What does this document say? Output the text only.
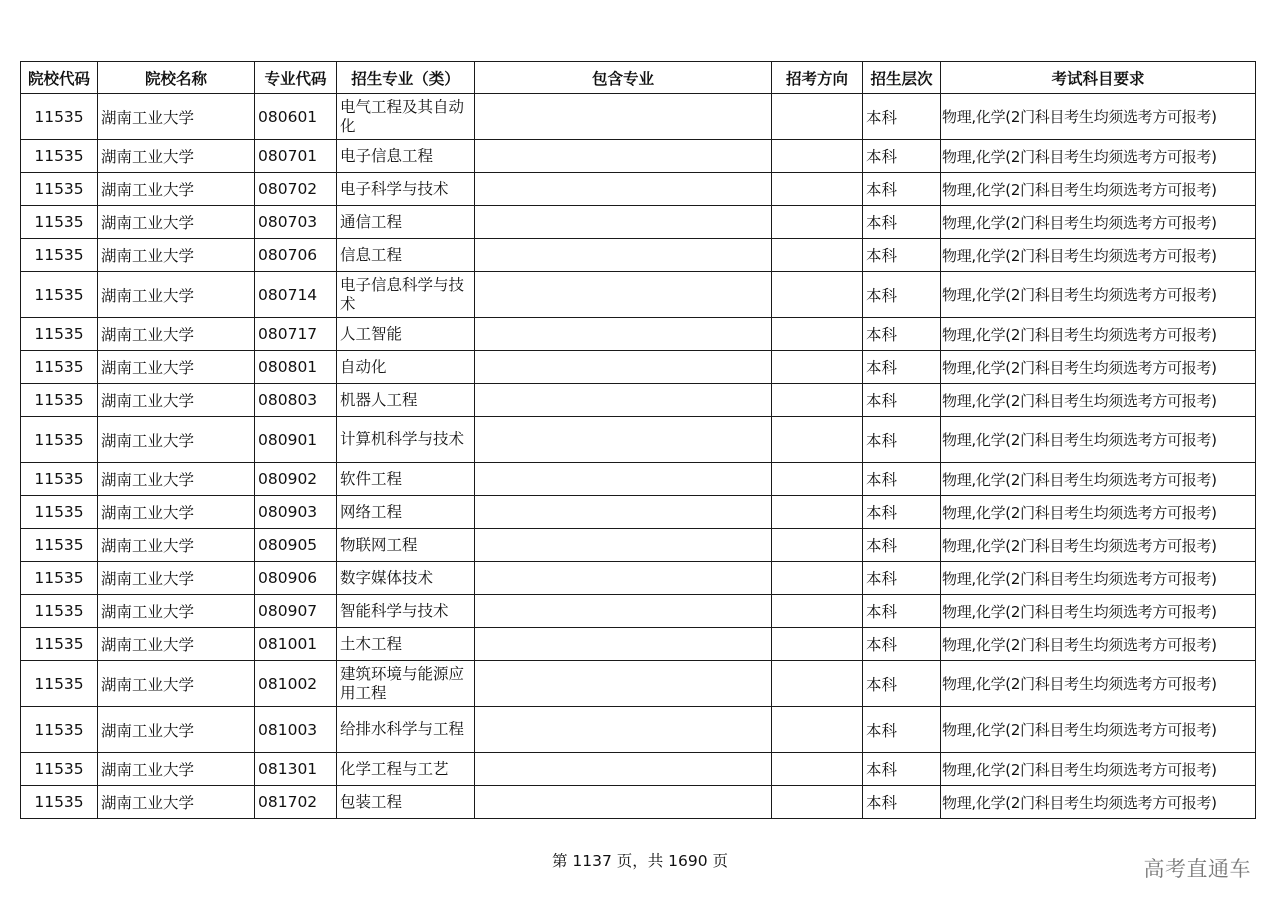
院校代码	院校名称	专业代码	招生专业（类）	包含专业	招考方向	招生层次	考试科目要求
11535	湖南工业大学	080601	电气工程及其自动化			本科	物理,化学(2门科目考生均须选考方可报考)
11535	湖南工业大学	080701	电子信息工程			本科	物理,化学(2门科目考生均须选考方可报考)
11535	湖南工业大学	080702	电子科学与技术			本科	物理,化学(2门科目考生均须选考方可报考)
11535	湖南工业大学	080703	通信工程			本科	物理,化学(2门科目考生均须选考方可报考)
11535	湖南工业大学	080706	信息工程			本科	物理,化学(2门科目考生均须选考方可报考)
11535	湖南工业大学	080714	电子信息科学与技术			本科	物理,化学(2门科目考生均须选考方可报考)
11535	湖南工业大学	080717	人工智能			本科	物理,化学(2门科目考生均须选考方可报考)
11535	湖南工业大学	080801	自动化			本科	物理,化学(2门科目考生均须选考方可报考)
11535	湖南工业大学	080803	机器人工程			本科	物理,化学(2门科目考生均须选考方可报考)
11535	湖南工业大学	080901	计算机科学与技术			本科	物理,化学(2门科目考生均须选考方可报考)
11535	湖南工业大学	080902	软件工程			本科	物理,化学(2门科目考生均须选考方可报考)
11535	湖南工业大学	080903	网络工程			本科	物理,化学(2门科目考生均须选考方可报考)
11535	湖南工业大学	080905	物联网工程			本科	物理,化学(2门科目考生均须选考方可报考)
11535	湖南工业大学	080906	数字媒体技术			本科	物理,化学(2门科目考生均须选考方可报考)
11535	湖南工业大学	080907	智能科学与技术			本科	物理,化学(2门科目考生均须选考方可报考)
11535	湖南工业大学	081001	土木工程			本科	物理,化学(2门科目考生均须选考方可报考)
11535	湖南工业大学	081002	建筑环境与能源应用工程			本科	物理,化学(2门科目考生均须选考方可报考)
11535	湖南工业大学	081003	给排水科学与工程			本科	物理,化学(2门科目考生均须选考方可报考)
11535	湖南工业大学	081301	化学工程与工艺			本科	物理,化学(2门科目考生均须选考方可报考)
11535	湖南工业大学	081702	包装工程			本科	物理,化学(2门科目考生均须选考方可报考)
第 1137 页，共 1690 页	高考直通车
